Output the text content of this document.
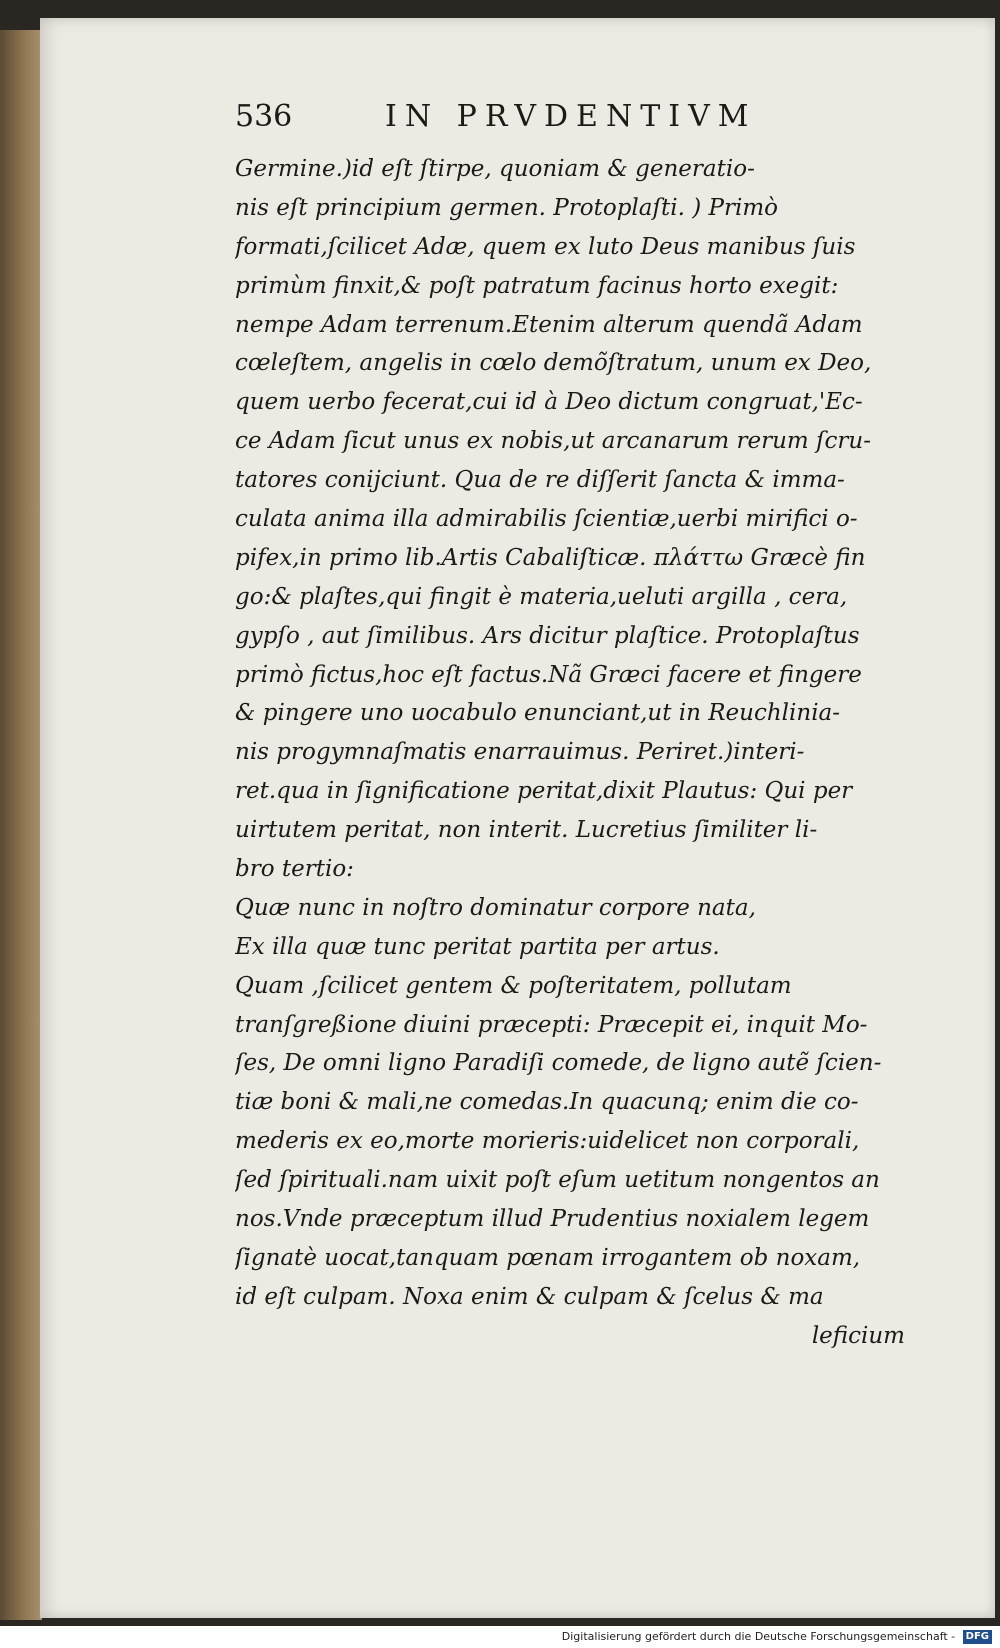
536	IN PRVDENTIVM
Germine.)id eſt ſtirpe, quoniam & generatio-
nis eſt principium germen. Protoplaſti. ) Primò
formati,ſcilicet Adæ, quem ex luto Deus manibus ſuis
primùm finxit,& poſt patratum facinus horto exegit:
nempe Adam terrenum.Etenim alterum quendã Adam
cœleſtem, angelis in cœlo demõſtratum, unum ex Deo,
quem uerbo fecerat,cui id à Deo dictum congruat,'Ec-
ce Adam ſicut unus ex nobis,ut arcanarum rerum ſcru-
tatores conijciunt. Qua de re diſſerit ſancta & imma-
culata anima illa admirabilis ſcientiæ,uerbi mirifici o-
pifex,in primo lib.Artis Cabaliſticæ. πλάττω Græcè fin
go:& plaſtes,qui fingit è materia,ueluti argilla , cera,
gypſo , aut ſimilibus. Ars dicitur plaſtice. Protoplaſtus
primò fictus,hoc eſt factus.Nã Græci facere et fingere
& pingere uno uocabulo enunciant,ut in Reuchlinia-
nis progymnaſmatis enarrauimus. Periret.)interi-
ret.qua in ſignificatione peritat,dixit Plautus: Qui per
uirtutem peritat, non interit. Lucretius ſimiliter li-
bro tertio:
Quæ nunc in noſtro dominatur corpore nata,
Ex illa quæ tunc peritat partita per artus.
Quam ,ſcilicet gentem & poſteritatem, pollutam
tranſgreßione diuini præcepti: Præcepit ei, inquit Mo-
ſes, De omni ligno Paradiſi comede, de ligno autẽ ſcien-
tiæ boni & mali,ne comedas.In quacunq; enim die co-
mederis ex eo,morte morieris:uidelicet non corporali,
ſed ſpirituali.nam uixit poſt eſum uetitum nongentos an
nos.Vnde præceptum illud Prudentius noxialem legem
ſignatè uocat,tanquam pœnam irrogantem ob noxam,
id eſt culpam. Noxa enim & culpam & ſcelus & ma
leficium
Digitalisierung gefördert durch die Deutsche Forschungsgemeinschaft - DFG
